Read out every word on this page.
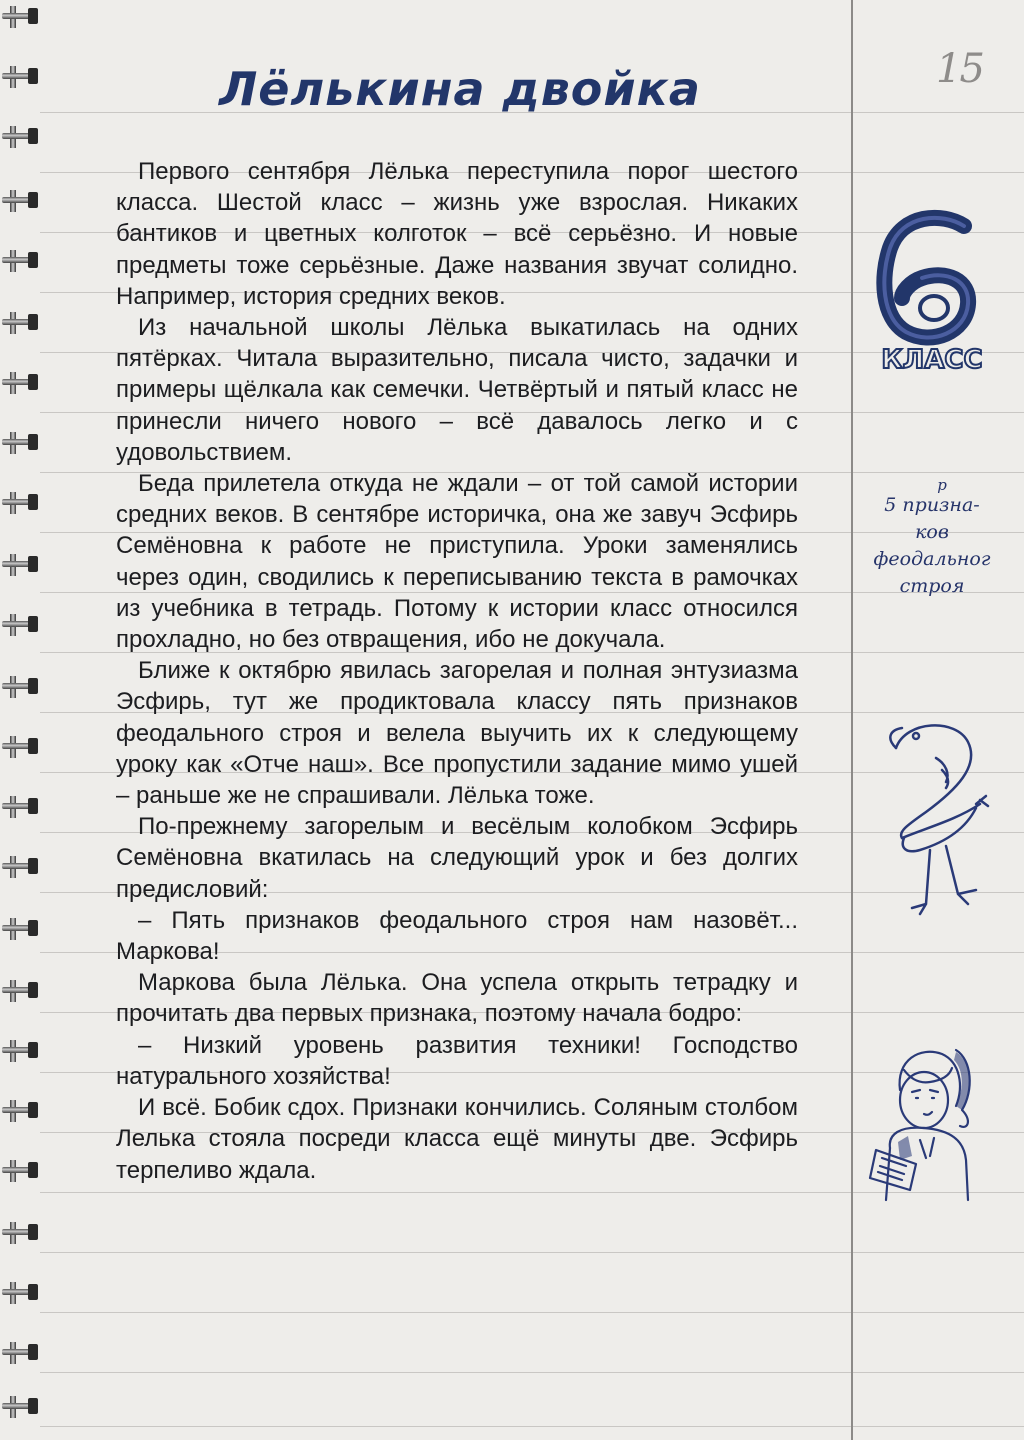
15
Лёлькина двойка

Первого сентября Лёлька переступила порог шестого класса. Шестой класс – жизнь уже взрослая. Никаких бантиков и цветных колготок – всё серьёзно. И новые предметы тоже серьёзные. Даже названия звучат солидно. Например, история средних веков.

Из начальной школы Лёлька выкатилась на одних пятёрках. Читала выразительно, писала чисто, задачки и примеры щёлкала как семечки. Четвёртый и пятый класс не принесли ничего нового – всё давалось легко и с удовольствием.

Беда прилетела откуда не ждали – от той самой истории средних веков. В сентябре историчка, она же завуч Эсфирь Семёновна к работе не приступила. Уроки заменялись через один, сводились к переписыванию текста в рамочках из учебника в тетрадь. Потому к истории класс относился прохладно, но без отвращения, ибо не докучала.

Ближе к октябрю явилась загорелая и полная энтузиазма Эсфирь, тут же продиктовала классу пять признаков феодального строя и велела выучить их к следующему уроку как «Отче наш». Все пропустили задание мимо ушей – раньше же не спрашивали. Лёлька тоже.

По-прежнему загорелым и весёлым колобком Эсфирь Семёновна вкатилась на следующий урок и без долгих предисловий:

– Пять признаков феодального строя нам назовёт... Маркова!

Маркова была Лёлька. Она успела открыть тетрадку и прочитать два первых признака, поэтому начала бодро:

– Низкий уровень развития техники! Господство натурального хозяйства!

И всё. Бобик сдох. Признаки кончились. Соляным столбом Лелька стояла посреди класса ещё минуты две. Эсфирь терпеливо ждала.

КЛАСС
6
р
5 призна-
ков
феодальног
строя
2
